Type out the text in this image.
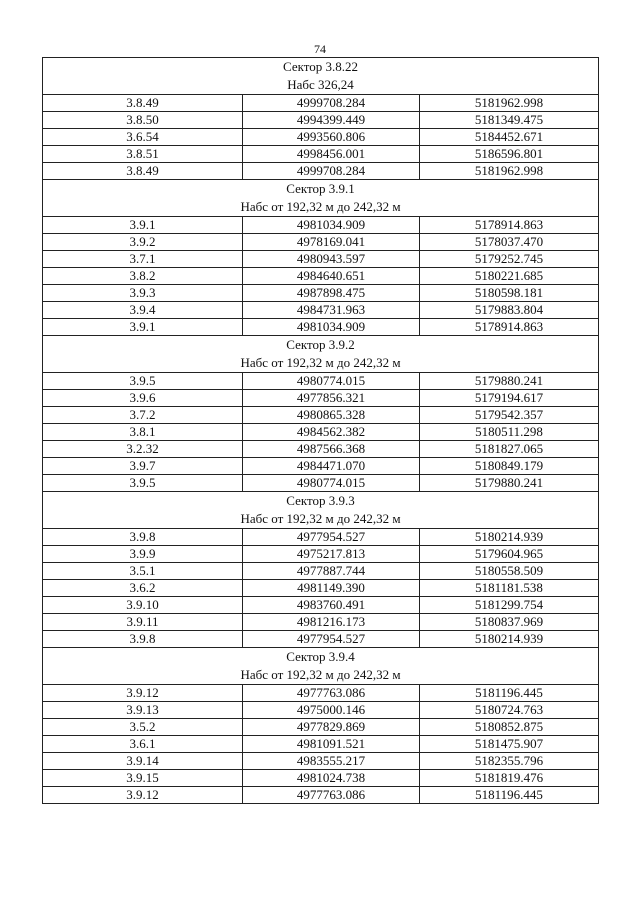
74
Сектор 3.8.22
Набс 326,24		

3.8.49	4999708.284	5181962.998
3.8.50	4994399.449	5181349.475
3.6.54	4993560.806	5184452.671
3.8.51	4998456.001	5186596.801
3.8.49	4999708.284	5181962.998

Сектор 3.9.1
Набс от 192,32 м до 242,32 м		

3.9.1	4981034.909	5178914.863
3.9.2	4978169.041	5178037.470
3.7.1	4980943.597	5179252.745
3.8.2	4984640.651	5180221.685
3.9.3	4987898.475	5180598.181
3.9.4	4984731.963	5179883.804
3.9.1	4981034.909	5178914.863

Сектор 3.9.2
Набс от 192,32 м до 242,32 м		

3.9.5	4980774.015	5179880.241
3.9.6	4977856.321	5179194.617
3.7.2	4980865.328	5179542.357
3.8.1	4984562.382	5180511.298
3.2.32	4987566.368	5181827.065
3.9.7	4984471.070	5180849.179
3.9.5	4980774.015	5179880.241

Сектор 3.9.3
Набс от 192,32 м до 242,32 м		

3.9.8	4977954.527	5180214.939
3.9.9	4975217.813	5179604.965
3.5.1	4977887.744	5180558.509
3.6.2	4981149.390	5181181.538
3.9.10	4983760.491	5181299.754
3.9.11	4981216.173	5180837.969
3.9.8	4977954.527	5180214.939

Сектор 3.9.4
Набс от 192,32 м до 242,32 м		

3.9.12	4977763.086	5181196.445
3.9.13	4975000.146	5180724.763
3.5.2	4977829.869	5180852.875
3.6.1	4981091.521	5181475.907
3.9.14	4983555.217	5182355.796
3.9.15	4981024.738	5181819.476
3.9.12	4977763.086	5181196.445
